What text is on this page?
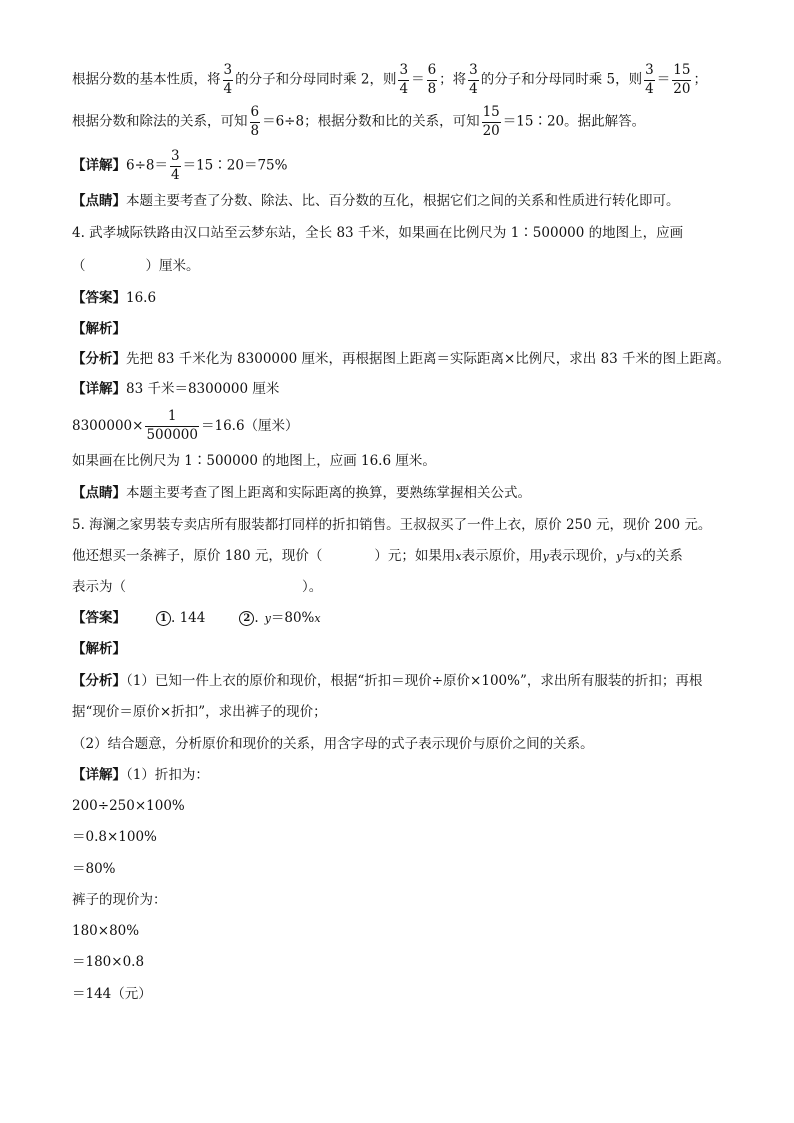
根据分数的基本性质，将 $\frac{3}{4}$ 的分子和分母同时乘 2，则 $\frac{3}{4} = \frac{6}{8}$ ；将 $\frac{3}{4}$ 的分子和分母同时乘 5，则 $\frac{3}{4} = \frac{15}{20}$ ；
根据分数和除法的关系，可知 $\frac{6}{8} =6\div 8$；根据分数和比的关系，可知 $\frac{15}{20}$ ＝15∶20。据此解答。
【详解】$6\div 8= \frac{3}{4}$ ＝15∶20＝75%
【点睛】本题主要考查了分数、除法、比、百分数的互化，根据它们之间的关系和性质进行转化即可。
4. 武孝城际铁路由汉口站至云梦东站，全长 83 千米，如果画在比例尺为 1∶500000 的地图上，应画
（	）厘米。
【答案】16.6
【解析】
【分析】先把 83 千米化为 8300000 厘米，再根据图上距离＝实际距离×比例尺，求出 83 千米的图上距离。
【详解】83 千米＝8300000 厘米
$8300000\times \frac{1}{500000} =16.6$（厘米）
如果画在比例尺为 1∶500000 的地图上，应画 16.6 厘米。
【点睛】本题主要考查了图上距离和实际距离的换算，要熟练掌握相关公式。
5. 海澜之家男装专卖店所有服装都打同样的折扣销售。王叔叔买了一件上衣，原价 250 元，现价 200 元。
他还想买一条裤子，原价 180 元，现价（	）元；如果用x表示原价，用y表示现价，y与x的关系
表示为（	）。
【答案】	1 . 144	2 . y＝80%x
【解析】
【分析】（1）已知一件上衣的原价和现价，根据“折扣＝现价÷原价×100%”，求出所有服装的折扣；再根
据“现价＝原价×折扣”，求出裤子的现价；
（2）结合题意，分析原价和现价的关系，用含字母的式子表示现价与原价之间的关系。
【详解】（1）折扣为：
200÷250×100%
＝0.8×100%
＝80%
裤子的现价为：
180×80%
＝180×0.8
＝144（元）
